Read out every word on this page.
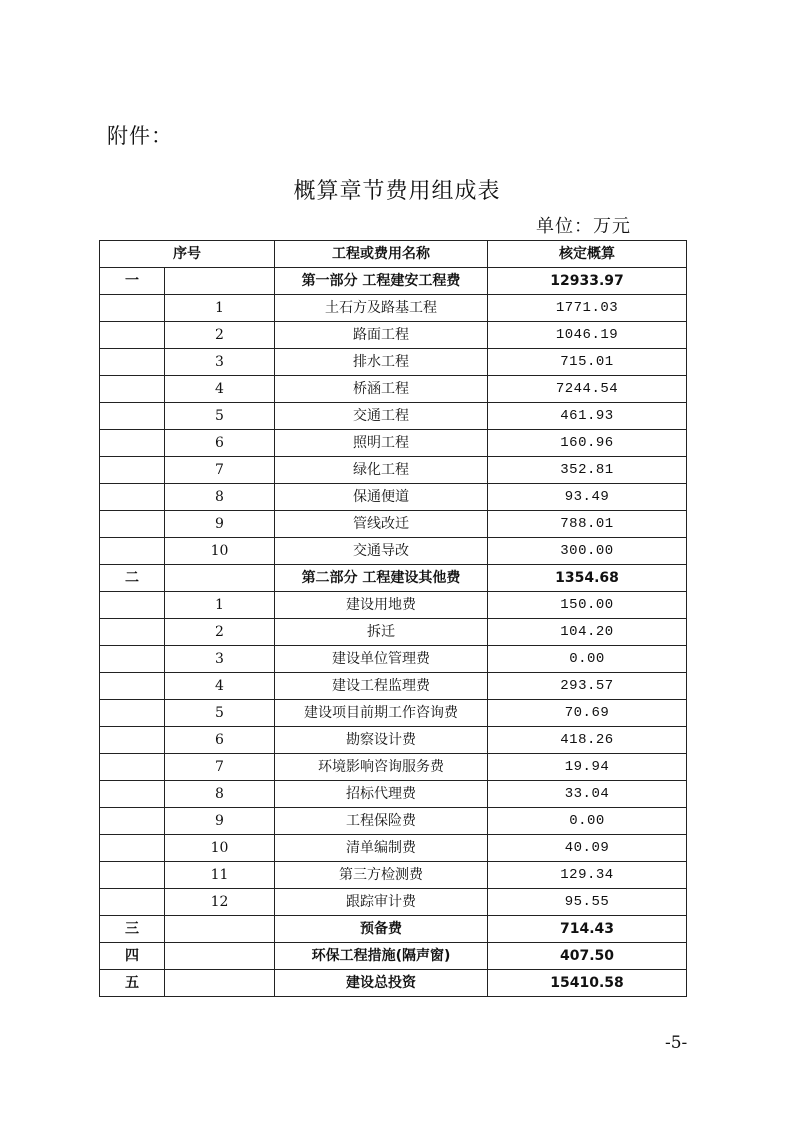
附件：
概算章节费用组成表
单位：万元
序号		工程或费用名称	核定概算
一		第一部分 工程建安工程费	12933.97
	1	土石方及路基工程	1771.03
	2	路面工程	1046.19
	3	排水工程	715.01
	4	桥涵工程	7244.54
	5	交通工程	461.93
	6	照明工程	160.96
	7	绿化工程	352.81
	8	保通便道	93.49
	9	管线改迁	788.01
	10	交通导改	300.00
二		第二部分 工程建设其他费	1354.68
	1	建设用地费	150.00
	2	拆迁	104.20
	3	建设单位管理费	0.00
	4	建设工程监理费	293.57
	5	建设项目前期工作咨询费	70.69
	6	勘察设计费	418.26
	7	环境影响咨询服务费	19.94
	8	招标代理费	33.04
	9	工程保险费	0.00
	10	清单编制费	40.09
	11	第三方检测费	129.34
	12	跟踪审计费	95.55
三		预备费	714.43
四		环保工程措施(隔声窗)	407.50
五		建设总投资	15410.58
-5-
